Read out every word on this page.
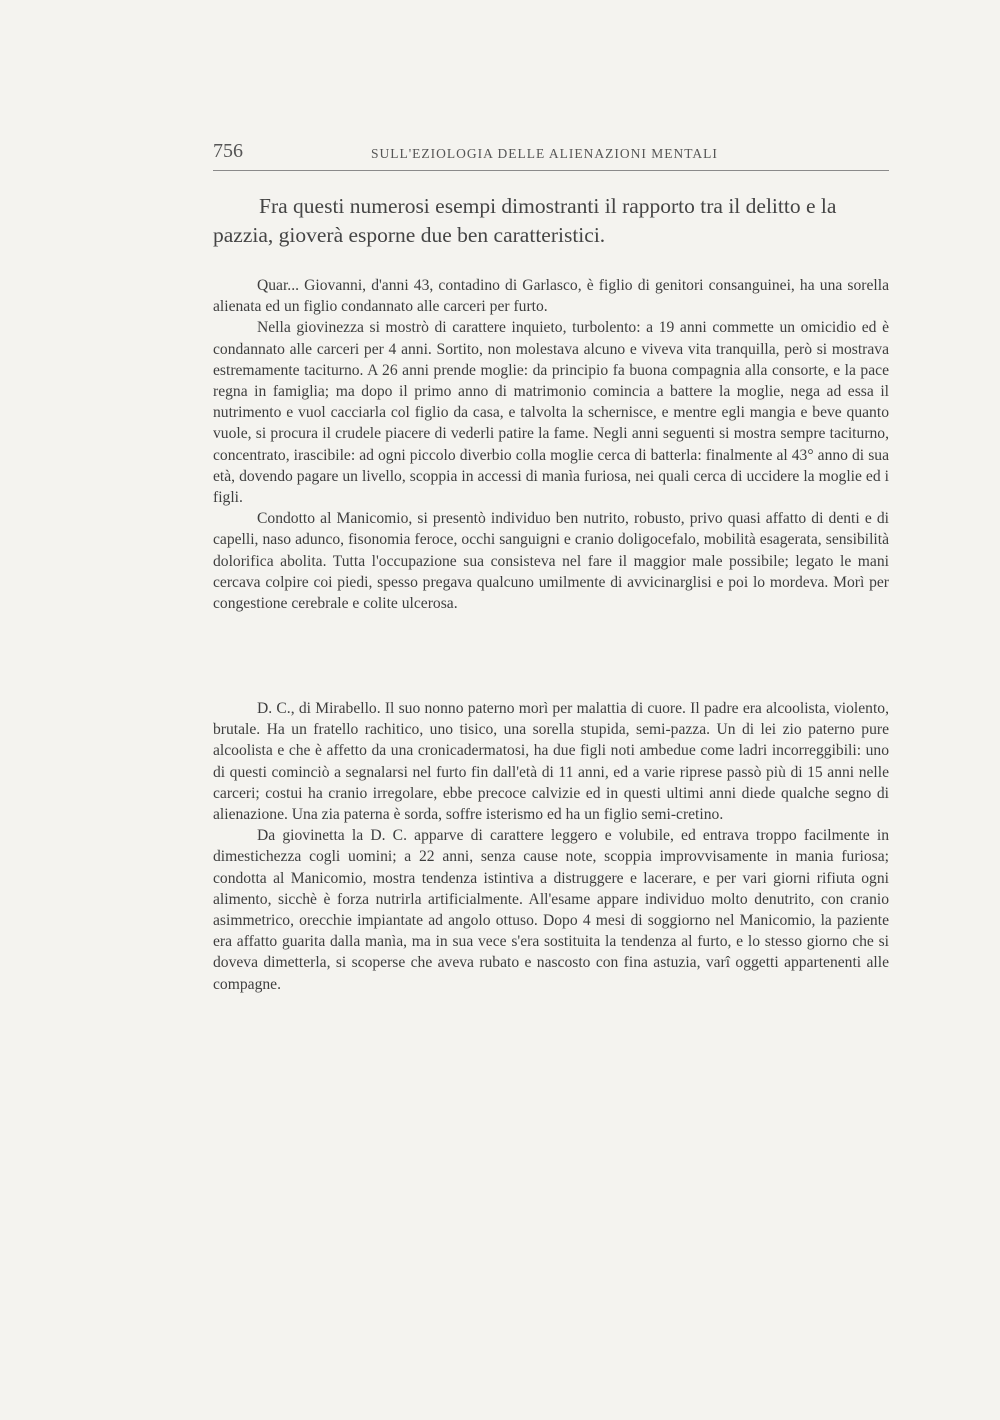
756	SULL'EZIOLOGIA DELLE ALIENAZIONI MENTALI
Fra questi numerosi esempi dimostranti il rapporto tra il delitto e la
pazzia, gioverà esporne due ben caratteristici.

Quar... Giovanni, d'anni 43, contadino di Garlasco, è figlio di genitori consanguinei, ha una sorella alienata ed un figlio condannato alle carceri per furto.

Nella giovinezza si mostrò di carattere inquieto, turbolento: a 19 anni commette un omicidio ed è condannato alle carceri per 4 anni. Sortito, non molestava alcuno e viveva vita tranquilla, però si mostrava estremamente taciturno. A 26 anni prende moglie: da principio fa buona compagnia alla consorte, e la pace regna in famiglia; ma dopo il primo anno di matrimonio comincia a battere la moglie, nega ad essa il nutrimento e vuol cacciarla col figlio da casa, e talvolta la schernisce, e mentre egli mangia e beve quanto vuole, si procura il crudele piacere di vederli patire la fame. Negli anni seguenti si mostra sempre taciturno, concentrato, irascibile: ad ogni piccolo diverbio colla moglie cerca di batterla: finalmente al 43° anno di sua età, dovendo pagare un livello, scoppia in accessi di manìa furiosa, nei quali cerca di uccidere la moglie ed i figli.

Condotto al Manicomio, si presentò individuo ben nutrito, robusto, privo quasi affatto di denti e di capelli, naso adunco, fisonomia feroce, occhi sanguigni e cranio doligocefalo, mobilità esagerata, sensibilità dolorifica abolita. Tutta l'occupazione sua consisteva nel fare il maggior male possibile; legato le mani cercava colpire coi piedi, spesso pregava qualcuno umilmente di avvicinarglisi e poi lo mordeva. Morì per congestione cerebrale e colite ulcerosa.

D. C., di Mirabello. Il suo nonno paterno morì per malattia di cuore. Il padre era alcoolista, violento, brutale. Ha un fratello rachitico, uno tisico, una sorella stupida, semi-pazza. Un di lei zio paterno pure alcoolista e che è affetto da una cronicadermatosi, ha due figli noti ambedue come ladri incorreggibili: uno di questi cominciò a segnalarsi nel furto fin dall'età di 11 anni, ed a varie riprese passò più di 15 anni nelle carceri; costui ha cranio irregolare, ebbe precoce calvizie ed in questi ultimi anni diede qualche segno di alienazione. Una zia paterna è sorda, soffre isterismo ed ha un figlio semi-cretino.

Da giovinetta la D. C. apparve di carattere leggero e volubile, ed entrava troppo facilmente in dimestichezza cogli uomini; a 22 anni, senza cause note, scoppia improvvisamente in mania furiosa; condotta al Manicomio, mostra tendenza istintiva a distruggere e lacerare, e per vari giorni rifiuta ogni alimento, sicchè è forza nutrirla artificialmente. All'esame appare individuo molto denutrito, con cranio asimmetrico, orecchie impiantate ad angolo ottuso. Dopo 4 mesi di soggiorno nel Manicomio, la paziente era affatto guarita dalla manìa, ma in sua vece s'era sostituita la tendenza al furto, e lo stesso giorno che si doveva dimetterla, si scoperse che aveva rubato e nascosto con fina astuzia, varî oggetti appartenenti alle compagne.
